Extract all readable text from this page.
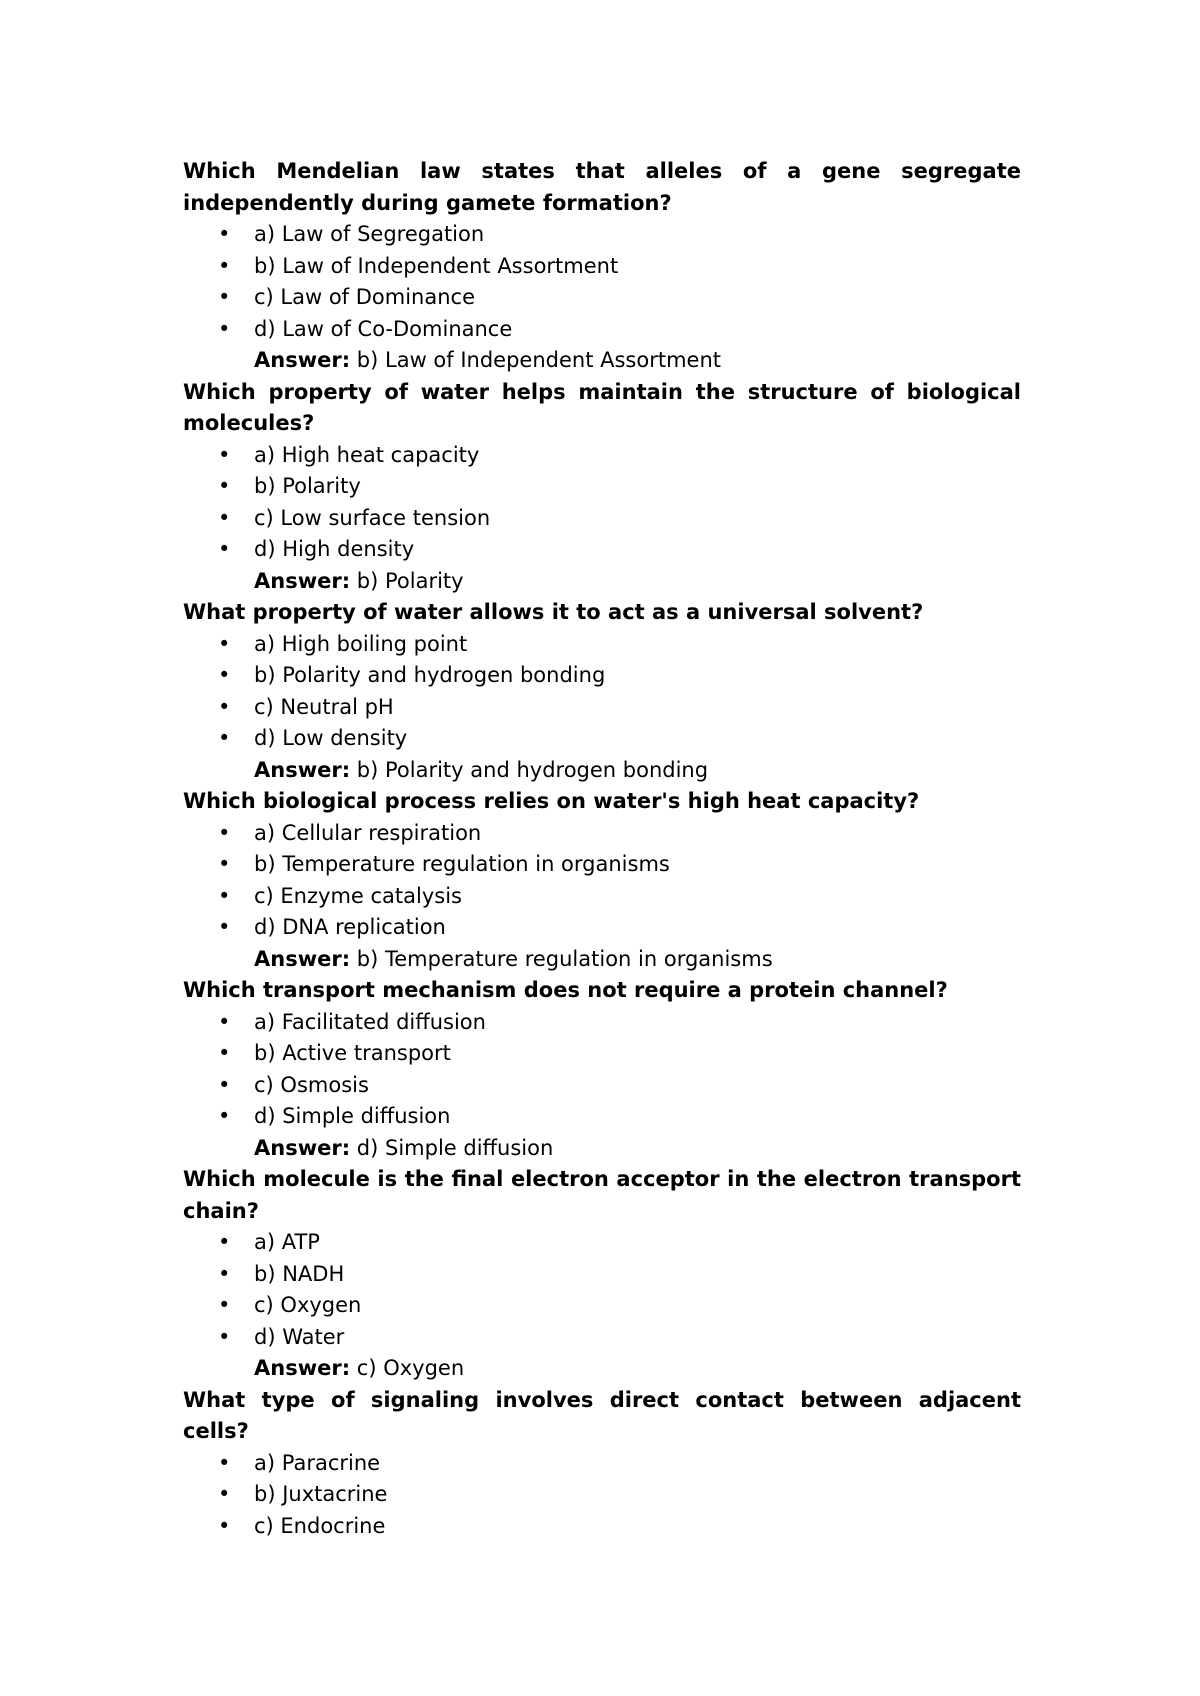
Which Mendelian law states that alleles of a gene segregate independently during gamete formation?

• a) Law of Segregation
• b) Law of Independent Assortment
• c) Law of Dominance
• d) Law of Co-Dominance

Answer: b) Law of Independent Assortment

Which property of water helps maintain the structure of biological molecules?

• a) High heat capacity
• b) Polarity
• c) Low surface tension
• d) High density

Answer: b) Polarity

What property of water allows it to act as a universal solvent?

• a) High boiling point
• b) Polarity and hydrogen bonding
• c) Neutral pH
• d) Low density

Answer: b) Polarity and hydrogen bonding

Which biological process relies on water's high heat capacity?

• a) Cellular respiration
• b) Temperature regulation in organisms
• c) Enzyme catalysis
• d) DNA replication

Answer: b) Temperature regulation in organisms

Which transport mechanism does not require a protein channel?

• a) Facilitated diffusion
• b) Active transport
• c) Osmosis
• d) Simple diffusion

Answer: d) Simple diffusion

Which molecule is the final electron acceptor in the electron transport chain?

• a) ATP
• b) NADH
• c) Oxygen
• d) Water

Answer: c) Oxygen

What type of signaling involves direct contact between adjacent cells?

• a) Paracrine
• b) Juxtacrine
• c) Endocrine
